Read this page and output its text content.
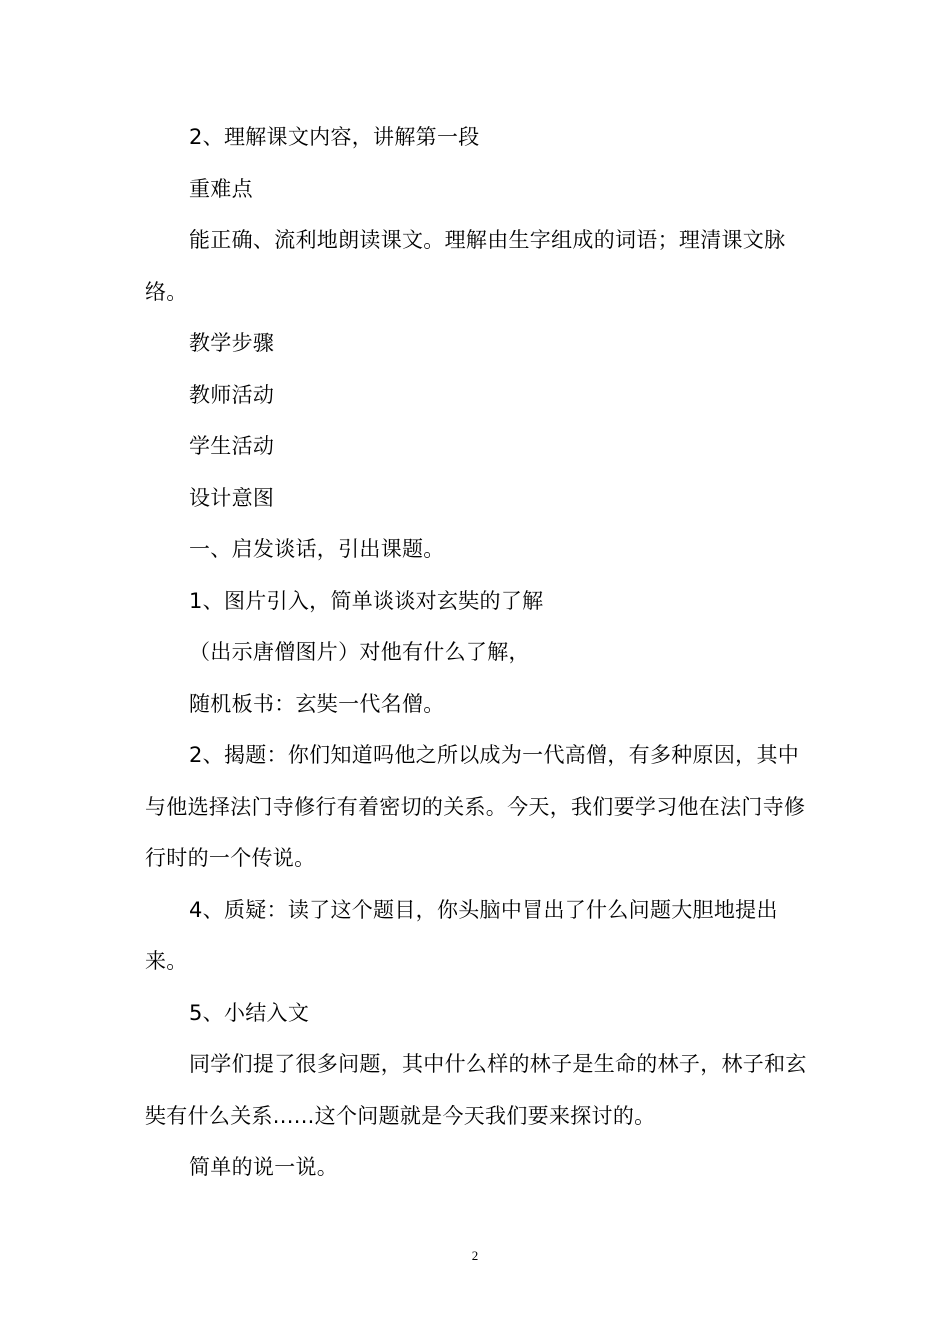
2、理解课文内容，讲解第一段

重难点

能正确、流利地朗读课文。理解由生字组成的词语；理清课文脉络。

教学步骤

教师活动

学生活动

设计意图

一、启发谈话，引出课题。

1、图片引入，简单谈谈对玄奘的了解

（出示唐僧图片）对他有什么了解，

随机板书：玄奘一代名僧。

2、揭题：你们知道吗他之所以成为一代高僧，有多种原因，其中与他选择法门寺修行有着密切的关系。今天，我们要学习他在法门寺修行时的一个传说。

4、质疑：读了这个题目，你头脑中冒出了什么问题大胆地提出来。

5、小结入文

同学们提了很多问题，其中什么样的林子是生命的林子，林子和玄奘有什么关系......这个问题就是今天我们要来探讨的。

简单的说一说。

2
